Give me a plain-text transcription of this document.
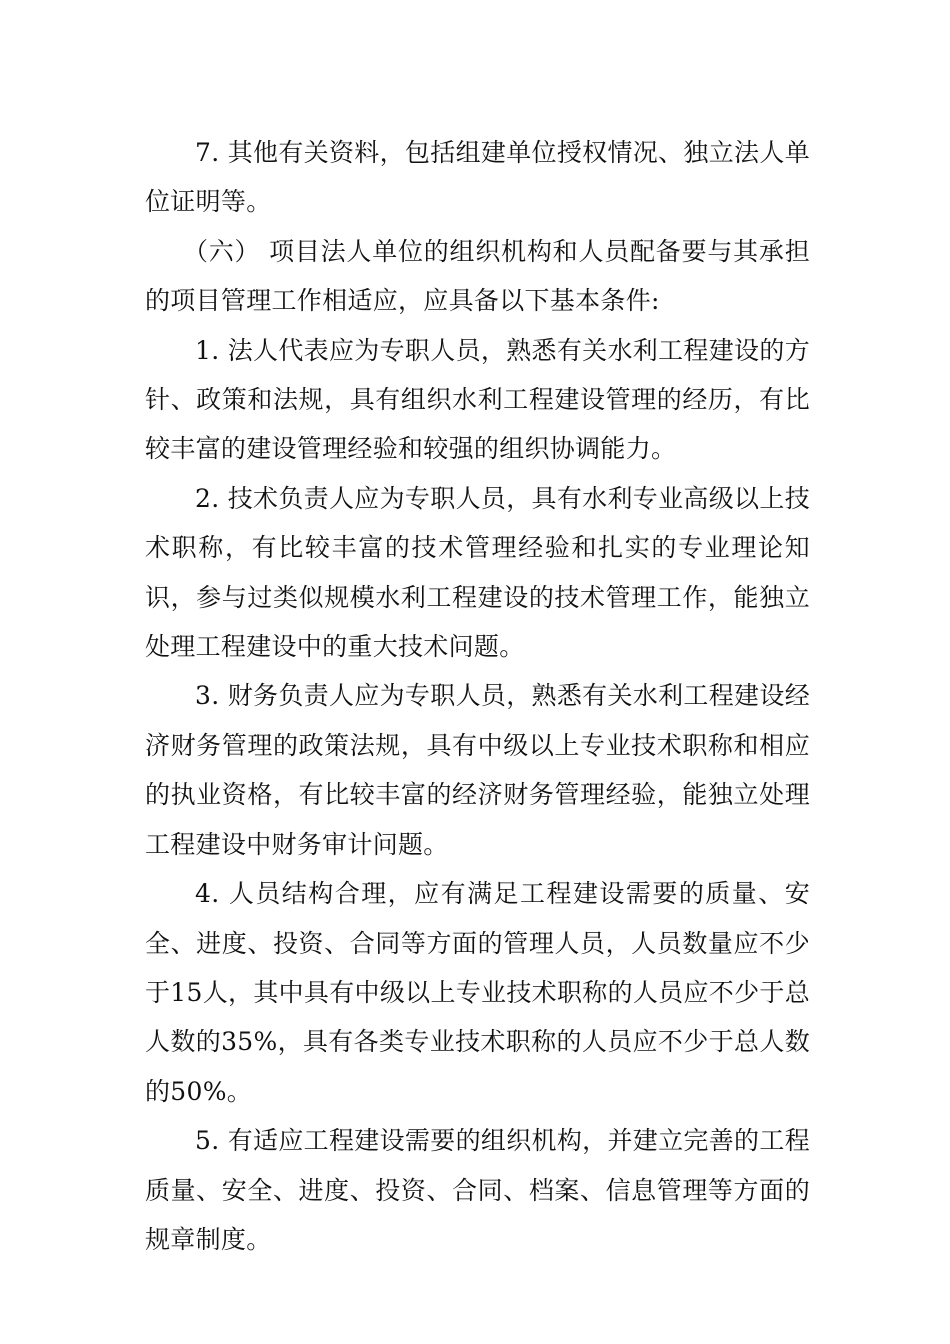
7. 其他有关资料，包括组建单位授权情况、独立法人单位证明等。

（六） 项目法人单位的组织机构和人员配备要与其承担的项目管理工作相适应，应具备以下基本条件:

1. 法人代表应为专职人员，熟悉有关水利工程建设的方针、政策和法规，具有组织水利工程建设管理的经历，有比较丰富的建设管理经验和较强的组织协调能力。

2. 技术负责人应为专职人员，具有水利专业高级以上技术职称，有比较丰富的技术管理经验和扎实的专业理论知识，参与过类似规模水利工程建设的技术管理工作，能独立处理工程建设中的重大技术问题。

3. 财务负责人应为专职人员，熟悉有关水利工程建设经济财务管理的政策法规，具有中级以上专业技术职称和相应的执业资格，有比较丰富的经济财务管理经验，能独立处理工程建设中财务审计问题。

4. 人员结构合理，应有满足工程建设需要的质量、安全、进度、投资、合同等方面的管理人员，人员数量应不少于15人，其中具有中级以上专业技术职称的人员应不少于总人数的35%，具有各类专业技术职称的人员应不少于总人数的50%。

5. 有适应工程建设需要的组织机构，并建立完善的工程质量、安全、进度、投资、合同、档案、信息管理等方面的规章制度。
